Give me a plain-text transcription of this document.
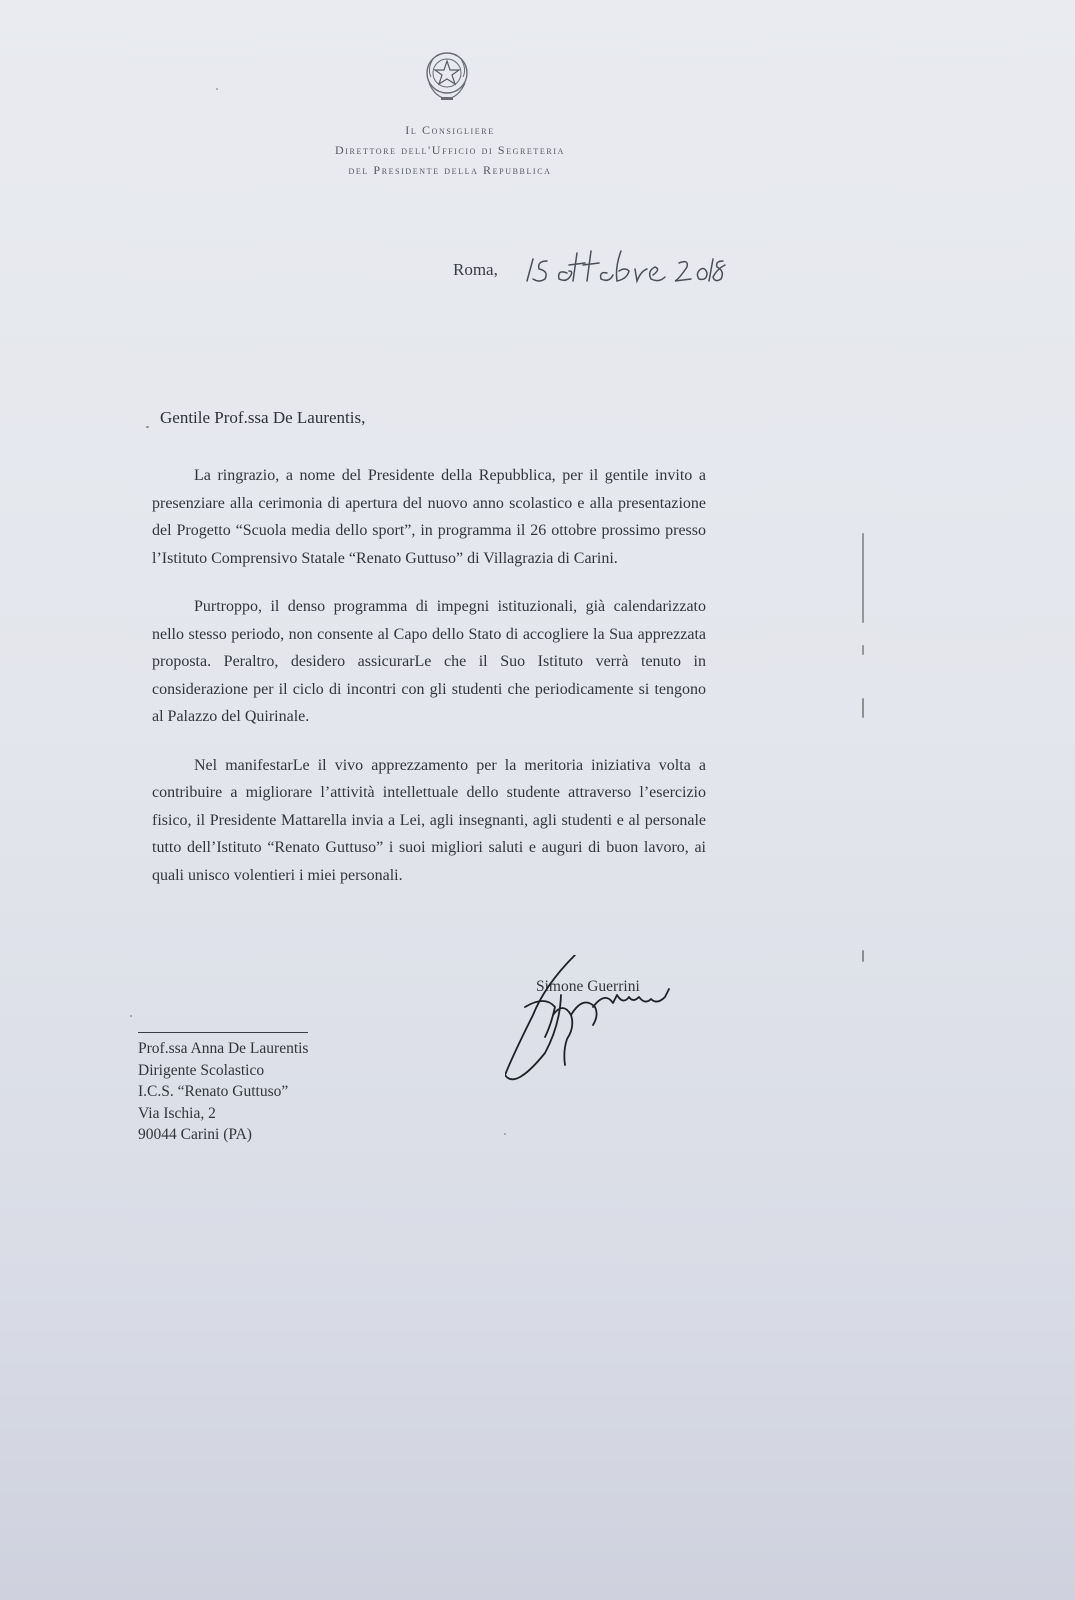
Il Consigliere
Direttore dell'Ufficio di Segreteria
del Presidente della Repubblica
Roma,
Gentile Prof.ssa De Laurentis,

La ringrazio, a nome del Presidente della Repubblica, per il gentile invito a presenziare alla cerimonia di apertura del nuovo anno scolastico e alla presentazione del Progetto “Scuola media dello sport”, in programma il 26 ottobre prossimo presso l’Istituto Comprensivo Statale “Renato Guttuso” di Villagrazia di Carini.

Purtroppo, il denso programma di impegni istituzionali, già calendarizzato nello stesso periodo, non consente al Capo dello Stato di accogliere la Sua apprezzata proposta. Peraltro, desidero assicurarLe che il Suo Istituto verrà tenuto in considerazione per il ciclo di incontri con gli studenti che periodicamente si tengono al Palazzo del Quirinale.

Nel manifestarLe il vivo apprezzamento per la meritoria iniziativa volta a contribuire a migliorare l’attività intellettuale dello studente attraverso l’esercizio fisico, il Presidente Mattarella invia a Lei, agli insegnanti, agli studenti e al personale tutto dell’Istituto “Renato Guttuso” i suoi migliori saluti e auguri di buon lavoro, ai quali unisco volentieri i miei personali.

Simone Guerrini
Prof.ssa Anna De Laurentis
Dirigente Scolastico
I.C.S. “Renato Guttuso”
Via Ischia, 2
90044 Carini (PA)
